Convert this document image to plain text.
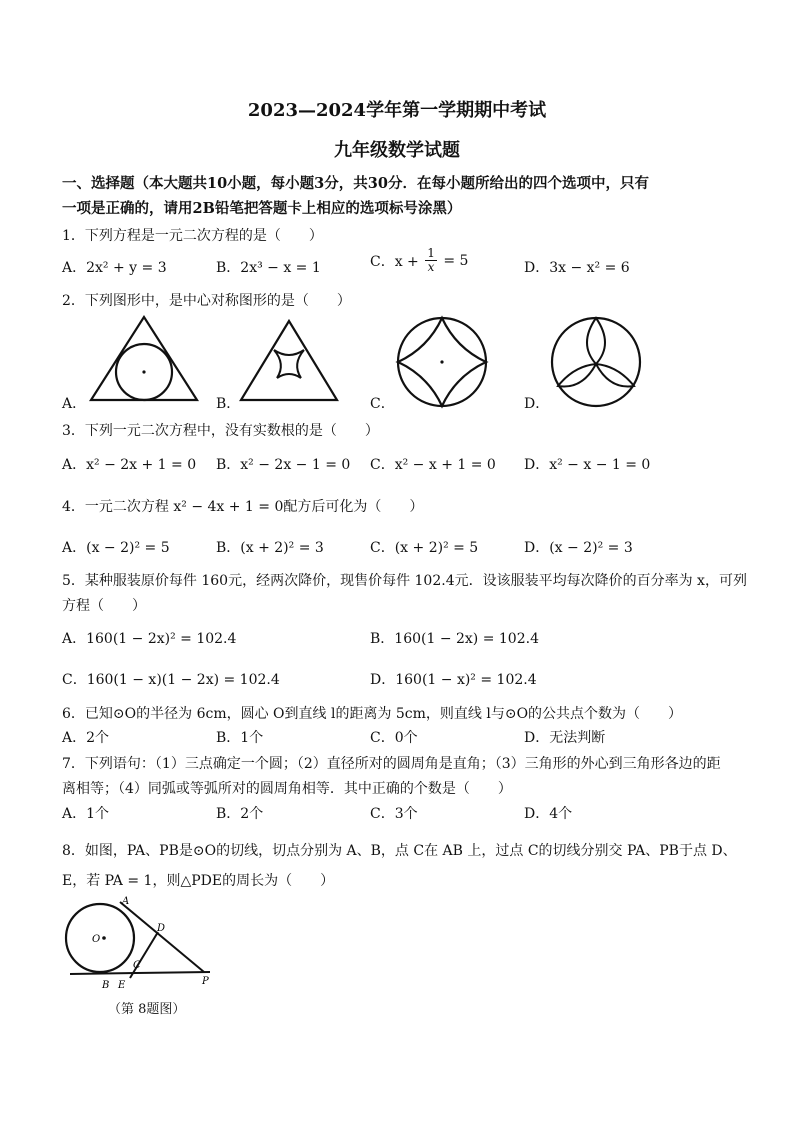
2023—2024学年第一学期期中考试
九年级数学试题
一、选择题（本大题共10小题，每小题3分，共30分．在每小题所给出的四个选项中，只有
一项是正确的，请用2B铅笔把答题卡上相应的选项标号涂黑）
1．下列方程是一元二次方程的是（　　）
A．2x² + y = 3	B．2x³ − x = 1	C．$x + \frac{1}{x} = 5$	D．3x − x² = 6
2．下列图形中，是中心对称图形的是（　　）
A．	B．	C．	D．
3．下列一元二次方程中，没有实数根的是（　　）
A．x² − 2x + 1 = 0 B．x² − 2x − 1 = 0 C．x² − x + 1 = 0 D．x² − x − 1 = 0
4．一元二次方程 x² − 4x + 1 = 0配方后可化为（　　）
A．(x − 2)² = 5	B．(x + 2)² = 3	C．(x + 2)² = 5	D．(x − 2)² = 3
5．某种服装原价每件 160元，经两次降价，现售价每件 102.4元．设该服装平均每次降价的百分率为 x，可列
方程（　　）
A．160(1 − 2x)² = 102.4	B．160(1 − 2x) = 102.4
C．160(1 − x)(1 − 2x) = 102.4	D．160(1 − x)² = 102.4
6．已知⊙O的半径为 6cm，圆心 O到直线 l的距离为 5cm，则直线 l与⊙O的公共点个数为（　　）
A．2个	B．1个	C．0个	D．无法判断
7．下列语句：（1）三点确定一个圆；（2）直径所对的圆周角是直角；（3）三角形的外心到三角形各边的距
离相等；（4）同弧或等弧所对的圆周角相等．其中正确的个数是（　　）
A．1个	B．2个	C．3个	D．4个
8．如图，PA、PB是⊙O的切线，切点分别为 A、B，点 C在 AB 上，过点 C的切线分别交 PA、PB于点 D、
E，若 PA = 1，则△PDE的周长为（　　）
A
O
D
C
P
B E
（第 8题图）
